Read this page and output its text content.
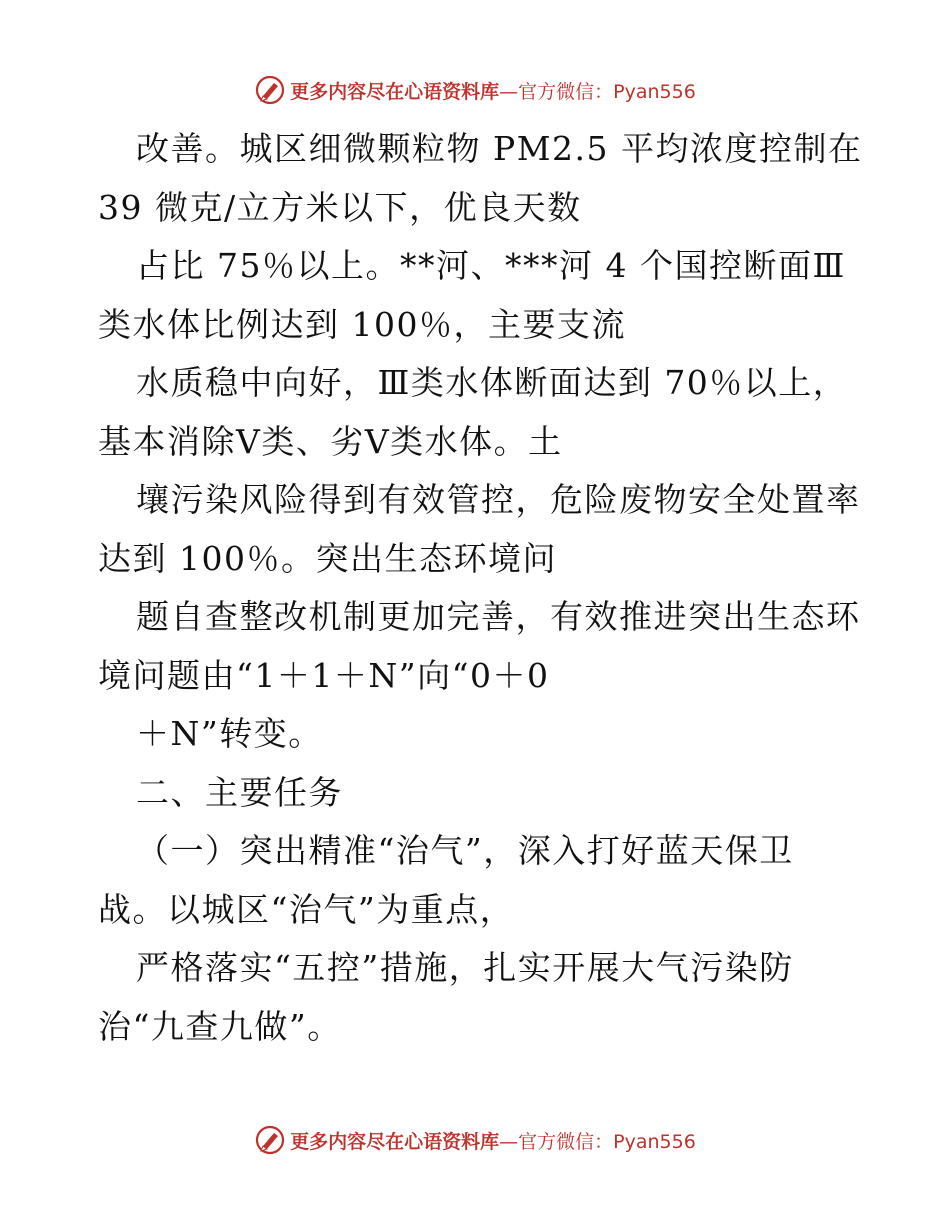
更多内容尽在心语资料库—官方微信：Pyan556
改善。城区细微颗粒物 PM2.5 平均浓度控制在
39 微克/立方米以下，优良天数
占比 75％以上。**河、***河 4 个国控断面Ⅲ
类水体比例达到 100％，主要支流
水质稳中向好，Ⅲ类水体断面达到 70％以上，
基本消除Ⅴ类、劣Ⅴ类水体。土
壤污染风险得到有效管控，危险废物安全处置率
达到 100％。突出生态环境问
题自查整改机制更加完善，有效推进突出生态环
境问题由“1＋1＋N”向“0＋0
＋N”转变。
二、主要任务
（一）突出精准“治气”，深入打好蓝天保卫
战。以城区“治气”为重点，
严格落实“五控”措施，扎实开展大气污染防
治“九查九做”。
更多内容尽在心语资料库—官方微信：Pyan556
